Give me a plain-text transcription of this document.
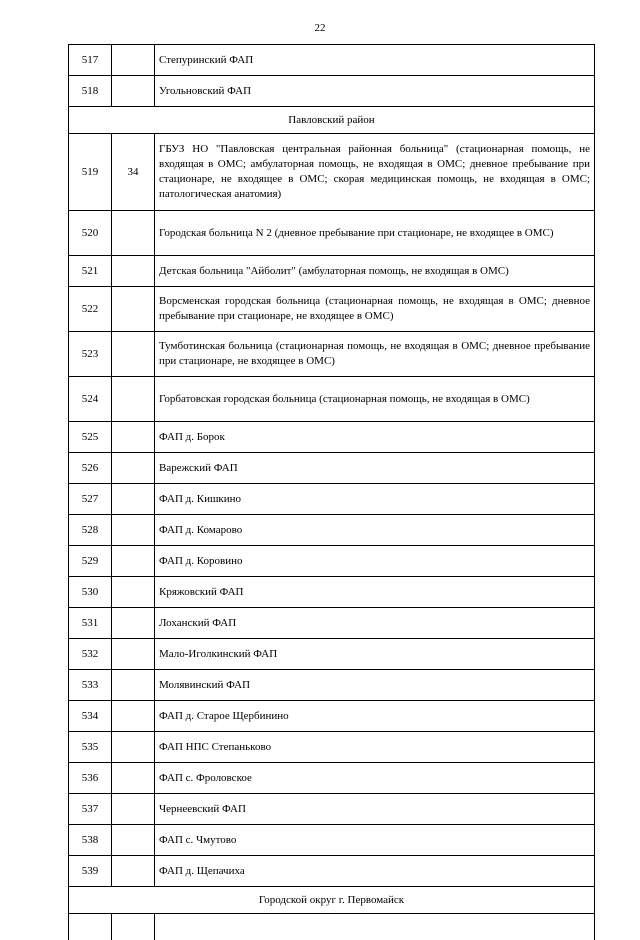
22
517		Степуринский ФАП
518		Угольновский ФАП
Павловский район		
519	34	ГБУЗ НО "Павловская центральная районная больница" (стационарная помощь, не входящая в ОМС; амбулаторная помощь, не входящая в ОМС; дневное пребывание при стационаре, не входящее в ОМС; скорая медицинская помощь, не входящая в ОМС; патологическая анатомия)
520		Городская больница N 2 (дневное пребывание при стационаре, не входящее в ОМС)
521		Детская больница "Айболит" (амбулаторная помощь, не входящая в ОМС)
522		Ворсменская городская больница (стационарная помощь, не входящая в ОМС; дневное пребывание при стационаре, не входящее в ОМС)
523		Тумботинская больница (стационарная помощь, не входящая в ОМС; дневное пребывание при стационаре, не входящее в ОМС)
524		Горбатовская городская больница (стационарная помощь, не входящая в ОМС)
525		ФАП д. Борок
526		Варежский ФАП
527		ФАП д. Кишкино
528		ФАП д. Комарово
529		ФАП д. Коровино
530		Кряжовский ФАП
531		Лоханский ФАП
532		Мало-Иголкинский ФАП
533		Молявинский ФАП
534		ФАП д. Старое Щербинино
535		ФАП НПС Степаньково
536		ФАП с. Фроловское
537		Чернеевский ФАП
538		ФАП с. Чмутово
539		ФАП д. Щепачиха
Городской округ г. Первомайск		
